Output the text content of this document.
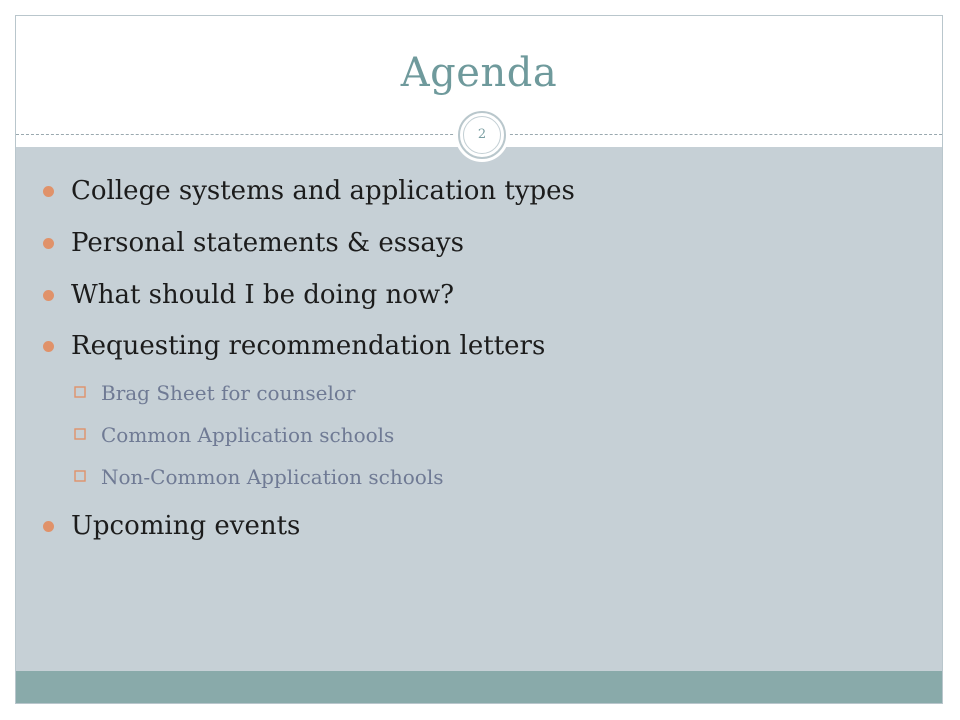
Agenda
College systems and application types
Personal statements & essays
What should I be doing now?
Requesting recommendation letters
Brag Sheet for counselor
Common Application schools
Non-Common Application schools
Upcoming events
2
